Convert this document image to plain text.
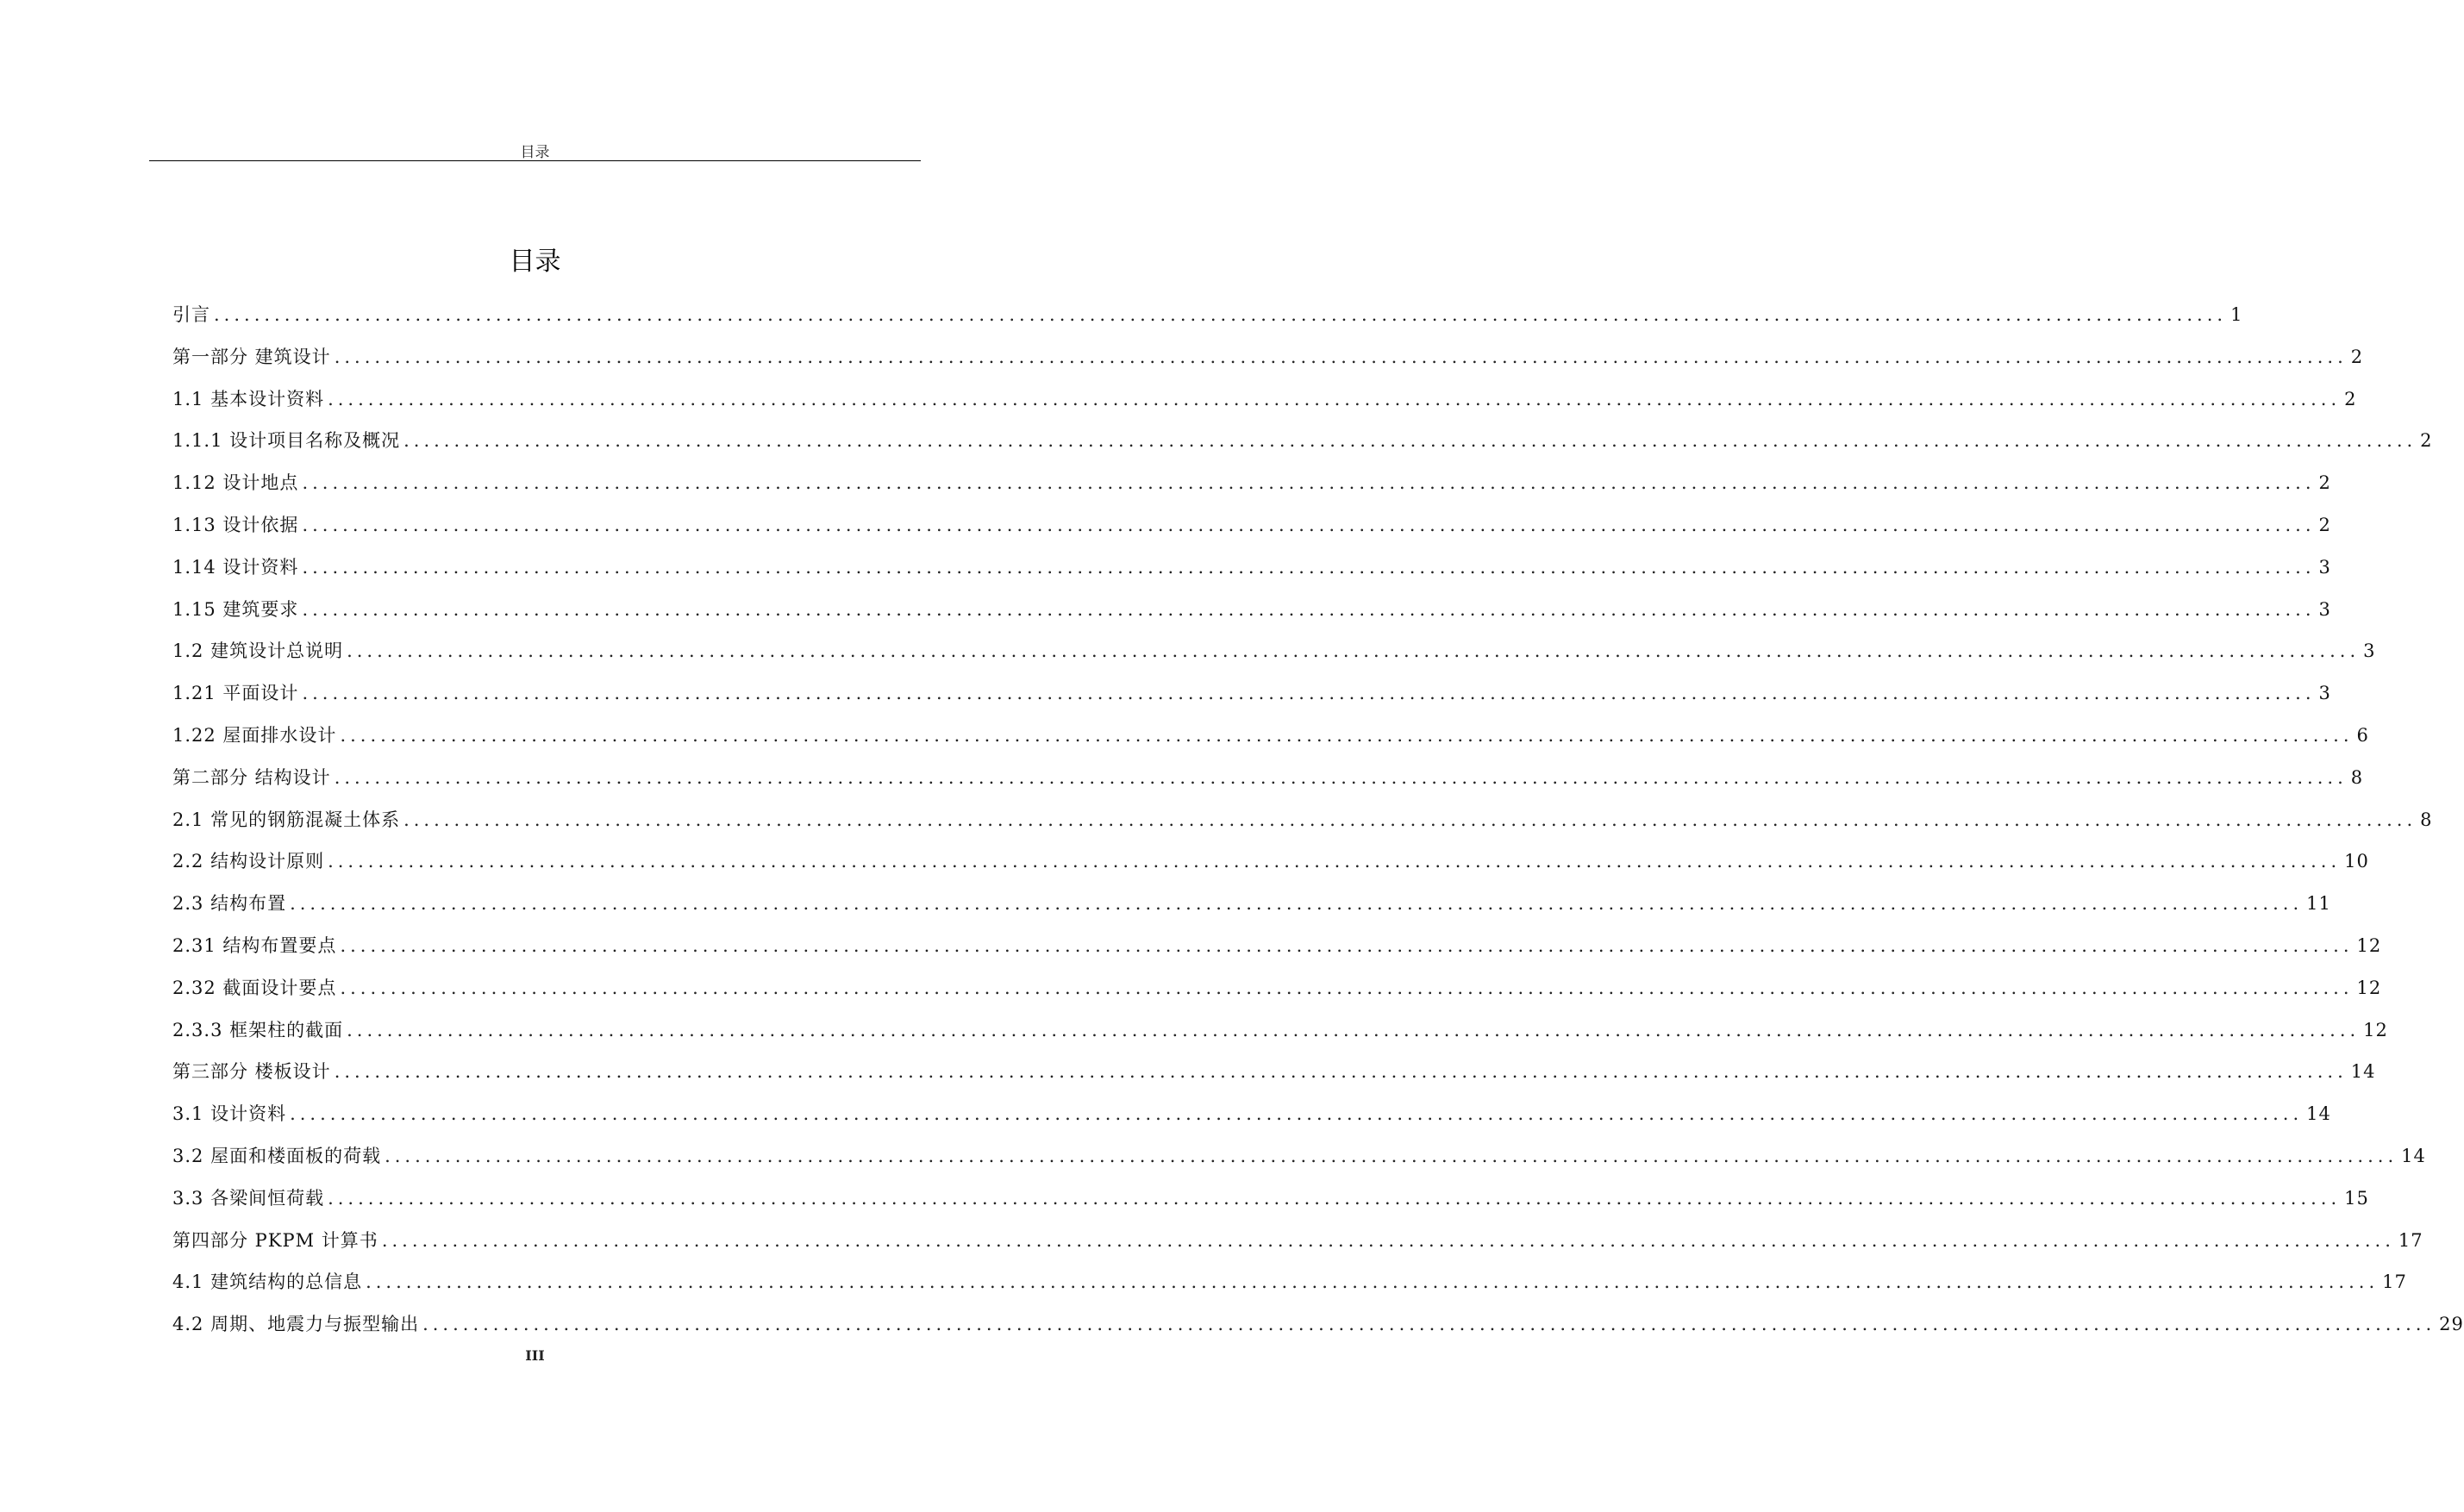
目录
目录
引言 ........................................................................................................................................................................................................ 1
第一部分 建筑设计 ........................................................................................................................................................................................................ 2
1.1 基本设计资料 ........................................................................................................................................................................................................ 2
1.1.1 设计项目名称及概况 ........................................................................................................................................................................................................ 2
1.12 设计地点 ........................................................................................................................................................................................................ 2
1.13 设计依据 ........................................................................................................................................................................................................ 2
1.14 设计资料 ........................................................................................................................................................................................................ 3
1.15 建筑要求 ........................................................................................................................................................................................................ 3
1.2 建筑设计总说明 ........................................................................................................................................................................................................ 3
1.21 平面设计 ........................................................................................................................................................................................................ 3
1.22 屋面排水设计 ........................................................................................................................................................................................................ 6
第二部分 结构设计 ........................................................................................................................................................................................................ 8
2.1 常见的钢筋混凝土体系 ........................................................................................................................................................................................................ 8
2.2 结构设计原则 ........................................................................................................................................................................................................ 10
2.3 结构布置 ........................................................................................................................................................................................................ 11
2.31 结构布置要点 ........................................................................................................................................................................................................ 12
2.32 截面设计要点 ........................................................................................................................................................................................................ 12
2.3.3 框架柱的截面 ........................................................................................................................................................................................................ 12
第三部分 楼板设计 ........................................................................................................................................................................................................ 14
3.1 设计资料 ........................................................................................................................................................................................................ 14
3.2 屋面和楼面板的荷载 ........................................................................................................................................................................................................ 14
3.3 各梁间恒荷载 ........................................................................................................................................................................................................ 15
第四部分 PKPM 计算书 ........................................................................................................................................................................................................ 17
4.1 建筑结构的总信息 ........................................................................................................................................................................................................ 17
4.2 周期、地震力与振型输出 ........................................................................................................................................................................................................ 29
III
